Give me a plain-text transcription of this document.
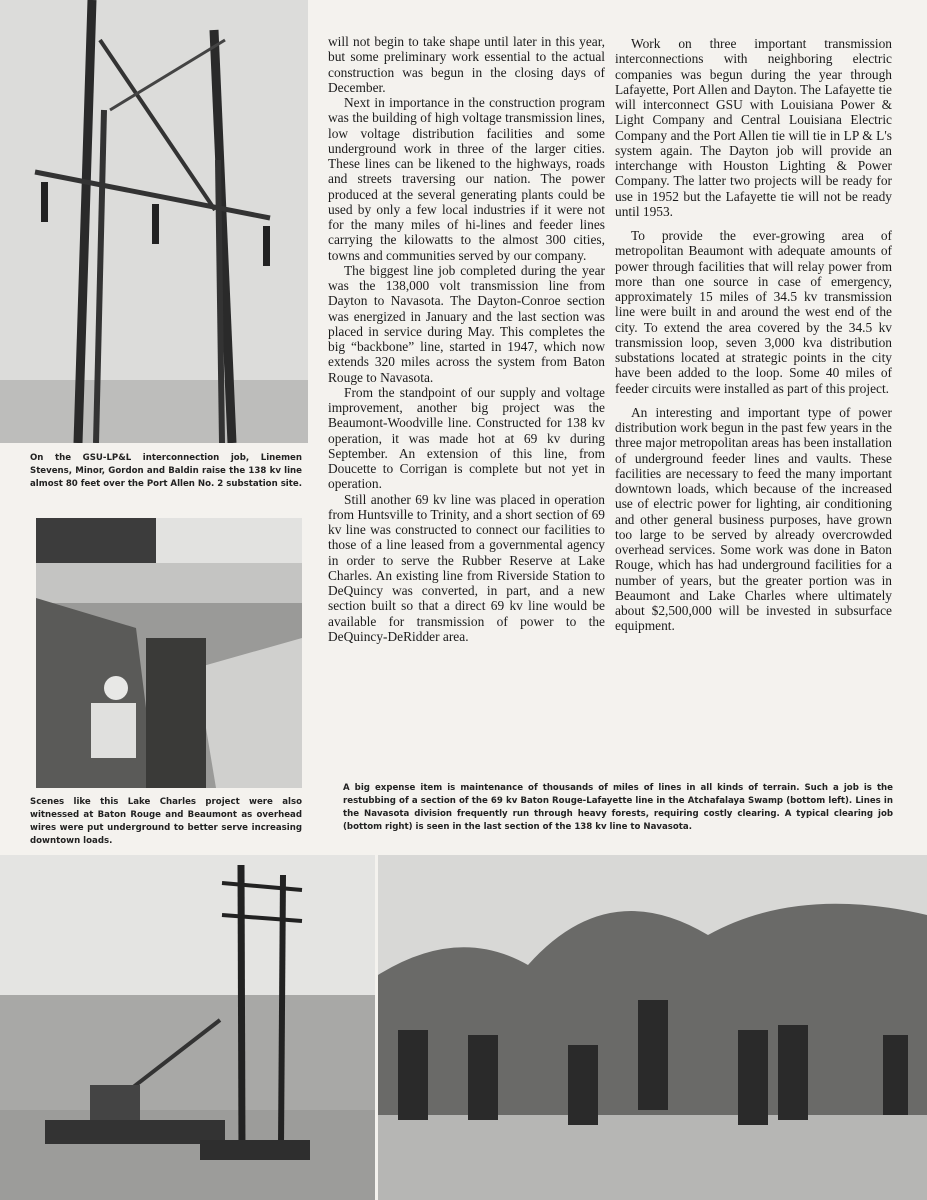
On the GSU-LP&L interconnection job, Linemen Stevens, Minor, Gordon and Baldin raise the 138 kv line almost 80 feet over the Port Allen No. 2 substation site.
Scenes like this Lake Charles project were also witnessed at Baton Rouge and Beaumont as overhead wires were put underground to better serve increasing downtown loads.

will not begin to take shape until later in this year, but some preliminary work essential to the actual construction was begun in the closing days of December.

Next in importance in the construction program was the building of high voltage transmission lines, low voltage distribution facilities and some underground work in three of the larger cities. These lines can be likened to the highways, roads and streets traversing our nation. The power produced at the several generating plants could be used by only a few local industries if it were not for the many miles of hi-lines and feeder lines carrying the kilowatts to the almost 300 cities, towns and communities served by our company.

The biggest line job completed during the year was the 138,000 volt transmission line from Dayton to Navasota. The Dayton-Conroe section was energized in January and the last section was placed in service during May. This completes the big “backbone” line, started in 1947, which now extends 320 miles across the system from Baton Rouge to Navasota.

From the standpoint of our supply and voltage improvement, another big project was the Beaumont-Woodville line. Constructed for 138 kv operation, it was made hot at 69 kv during September. An extension of this line, from Doucette to Corrigan is complete but not yet in operation.

Still another 69 kv line was placed in operation from Huntsville to Trinity, and a short section of 69 kv line was constructed to connect our facilities to those of a line leased from a governmental agency in order to serve the Rubber Reserve at Lake Charles. An existing line from Riverside Station to DeQuincy was converted, in part, and a new section built so that a direct 69 kv line would be available for transmission of power to the DeQuincy-DeRidder area.

Work on three important transmission interconnections with neighboring electric companies was begun during the year through Lafayette, Port Allen and Dayton. The Lafayette tie will interconnect GSU with Louisiana Power & Light Company and Central Louisiana Electric Company and the Port Allen tie will tie in LP & L's system again. The Dayton job will provide an interchange with Houston Lighting & Power Company. The latter two projects will be ready for use in 1952 but the Lafayette tie will not be ready until 1953.

To provide the ever-growing area of metropolitan Beaumont with adequate amounts of power through facilities that will relay power from more than one source in case of emergency, approximately 15 miles of 34.5 kv transmission line were built in and around the west end of the city. To extend the area covered by the 34.5 kv transmission loop, seven 3,000 kva distribution substations located at strategic points in the city have been added to the loop. Some 40 miles of feeder circuits were installed as part of this project.

An interesting and important type of power distribution work begun in the past few years in the three major metropolitan areas has been installation of underground feeder lines and vaults. These facilities are necessary to feed the many important downtown loads, which because of the increased use of electric power for lighting, air conditioning and other general business purposes, have grown too large to be served by already overcrowded overhead services. Some work was done in Baton Rouge, which has had underground facilities for a number of years, but the greater portion was in Beaumont and Lake Charles where ultimately about $2,500,000 will be invested in subsurface equipment.

A big expense item is maintenance of thousands of miles of lines in all kinds of terrain. Such a job is the restubbing of a section of the 69 kv Baton Rouge-Lafayette line in the Atchafalaya Swamp (bottom left). Lines in the Navasota division frequently run through heavy forests, requiring costly clearing. A typical clearing job (bottom right) is seen in the last section of the 138 kv line to Navasota.
